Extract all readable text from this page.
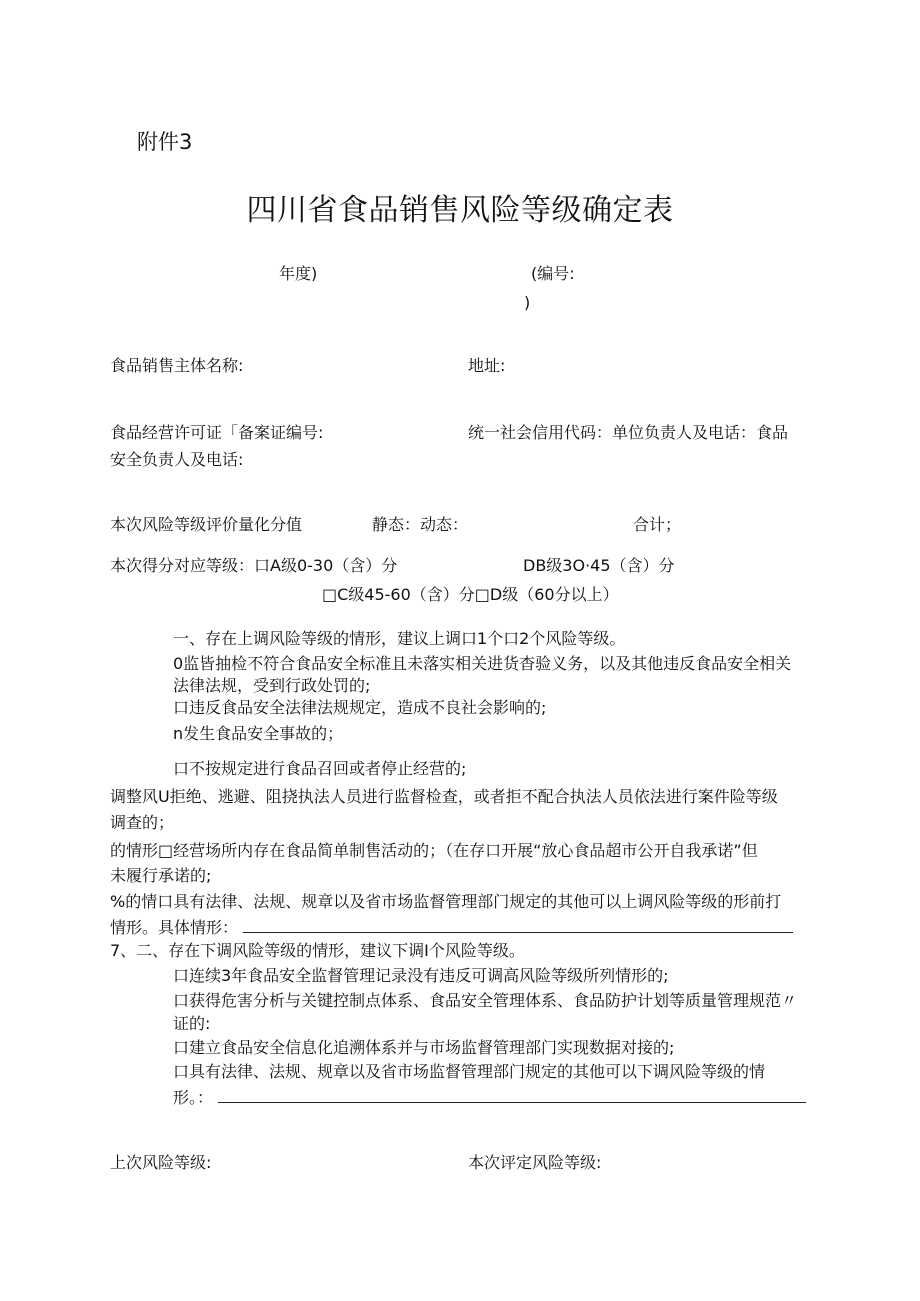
附件3
四川省食品销售风险等级确定表
年度)	(编号:
)
食品销售主体名称:	地址:
食品经营许可证「备案证编号:	统一社会信用代码：单位负责人及电话：食品
安全负责人及电话:
本次风险等级评价量化分值	静态：动态：	合计；
本次得分对应等级：口A级0-30（含）分	DB级3O·45（含）分
□C级45-60（含）分□D级（60分以上）
一、存在上调风险等级的情形，建议上调口1个口2个风险等级。
0监皆抽检不符合食品安全标准且未落实相关进货杳验义务，以及其他违反食品安全相关
法律法规，受到行政处罚的;
口违反食品安全法律法规规定，造成不良社会影响的;
n发生食品安全事故的；
口不按规定进行食品召回或者停止经营的;
调整风U拒绝、逃避、阻挠执法人员进行监督检查，或者拒不配合执法人员依法进行案件险等级
调查的；
的情形□经营场所内存在食品简单制售活动的；（在存口开展“放心食品超市公开自我承诺”但
未履行承诺的;
%的情口具有法律、法规、规章以及省市场监督管理部门规定的其他可以上调风险等级的形前打
情形。具体情形：
7、二、存在下调风险等级的情形，建议下调I个风险等级。
口连续3年食品安全监督管理记录没有违反可调高风险等级所列情形的;
口获得危害分析与关键控制点体系、食品安全管理体系、食品防护计划等质量管理规范〃
证的:
口建立食品安全信息化追溯体系并与市场监督管理部门实现数据对接的;
口具有法律、法规、规章以及省市场监督管理部门规定的其他可以下调风险等级的情
形。：
上次风险等级:	本次评定风险等级:
